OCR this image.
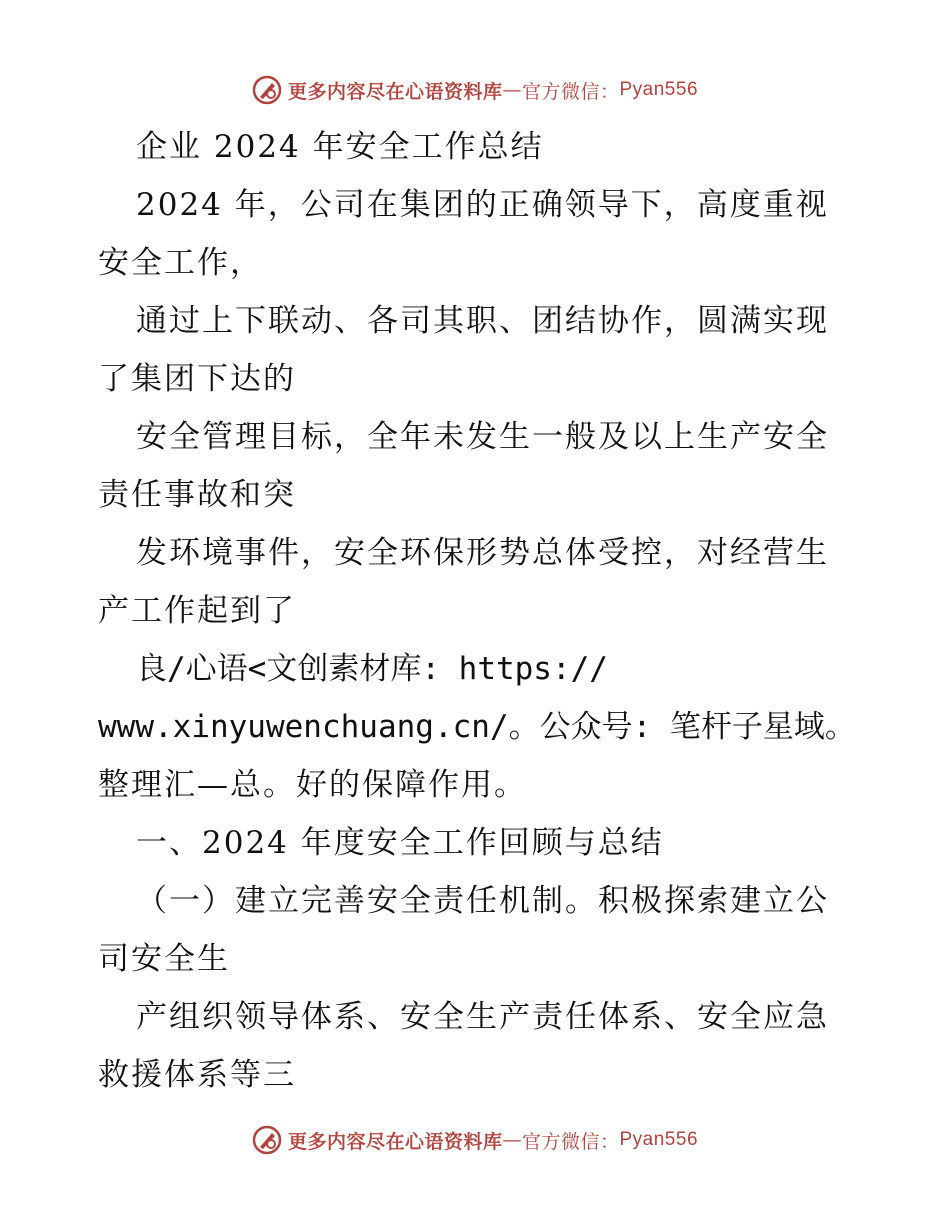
更多内容尽在心语资料库 — 官方微信： Pyan556
企业 2024 年安全工作总结
2024 年，公司在集团的正确领导下，高度重视
安全工作，
通过上下联动、各司其职、团结协作，圆满实现
了集团下达的
安全管理目标，全年未发生一般及以上生产安全
责任事故和突
发环境事件，安全环保形势总体受控，对经营生
产工作起到了
良/心语<文创素材库: https://
www.xinyuwenchuang.cn/。公众号: 笔杆子星域。
整理汇—总。好的保障作用。
一、2024 年度安全工作回顾与总结
（一）建立完善安全责任机制。积极探索建立公
司安全生
产组织领导体系、安全生产责任体系、安全应急
救援体系等三
更多内容尽在心语资料库 — 官方微信： Pyan556
